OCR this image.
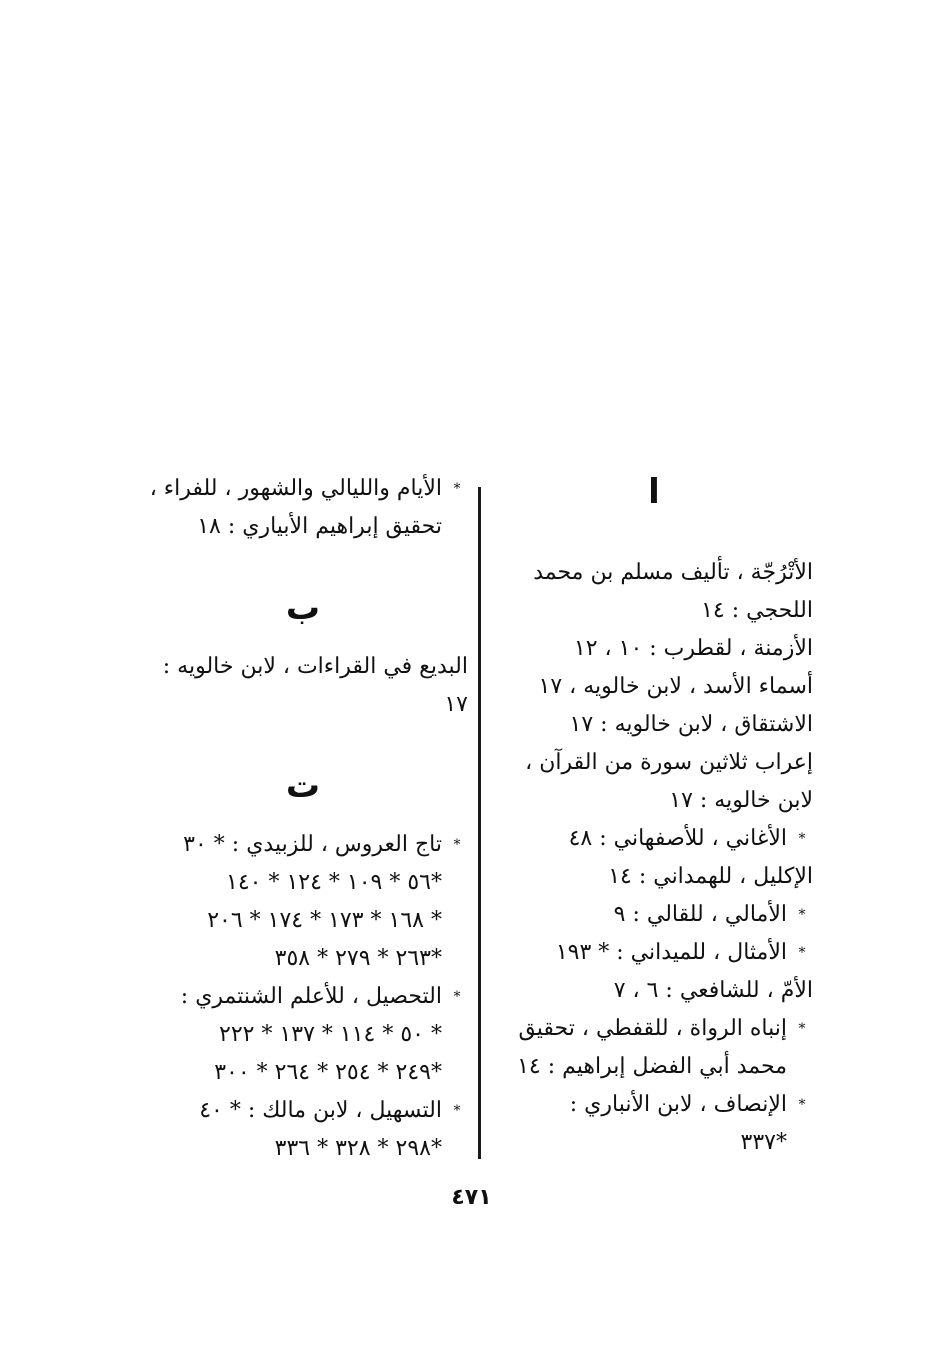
ا
الأتْرُجّة ، تأليف مسلم بن محمد
اللحجي : ١٤
الأزمنة ، لقطرب : ١٠ ، ١٢
أسماء الأسد ، لابن خالويه ، ١٧
الاشتقاق ، لابن خالويه : ١٧
إعراب ثلاثين سورة من القرآن ،
لابن خالويه : ١٧
*الأغاني ، للأصفهاني : ٤٨
الإكليل ، للهمداني : ١٤
*الأمالي ، للقالي : ٩
*الأمثال ، للميداني : * ١٩٣
الأمّ ، للشافعي : ٦ ، ٧
*إنباه الرواة ، للقفطي ، تحقيق
محمد أبي الفضل إبراهيم : ١٤
*الإنصاف ، لابن الأنباري :
*٣٣٧
*الأيام والليالي والشهور ، للفراء ،
تحقيق إبراهيم الأبياري : ١٨
ب
البديع في القراءات ، لابن خالويه :
١٧
ت
*تاج العروس ، للزبيدي : * ٣٠
*٥٦ * ١٠٩ * ١٢٤ * ١٤٠
* ١٦٨ * ١٧٣ * ١٧٤ * ٢٠٦
*٢٦٣ * ٢٧٩ * ٣٥٨
*التحصيل ، للأعلم الشنتمري :
* ٥٠ * ١١٤ * ١٣٧ * ٢٢٢
*٢٤٩ * ٢٥٤ * ٢٦٤ * ٣٠٠
*التسهيل ، لابن مالك : * ٤٠
*٢٩٨ * ٣٢٨ * ٣٣٦
٤٧١
